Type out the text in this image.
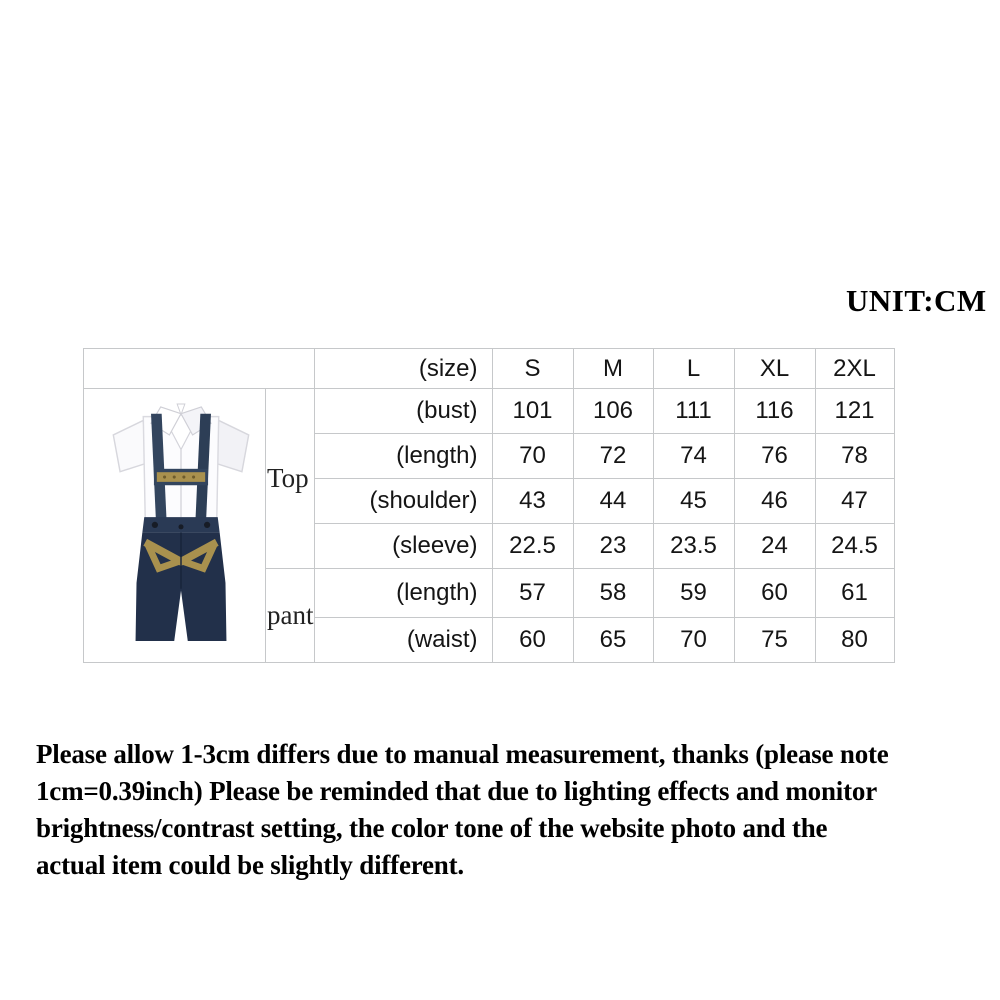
UNIT:CM
		(size)	S	M	L	XL	2XL
	Top	(bust)	101	106	111	116	121
		(length)	70	72	74	76	78
		(shoulder)	43	44	45	46	47
		(sleeve)	22.5	23	23.5	24	24.5
	pant	(length)	57	58	59	60	61
		(waist)	60	65	70	75	80
Please allow 1-3cm differs due to manual measurement, thanks (please note
1cm=0.39inch) Please be reminded that due to lighting effects and monitor
brightness/contrast setting, the color tone of the website photo and the
actual item could be slightly different.
